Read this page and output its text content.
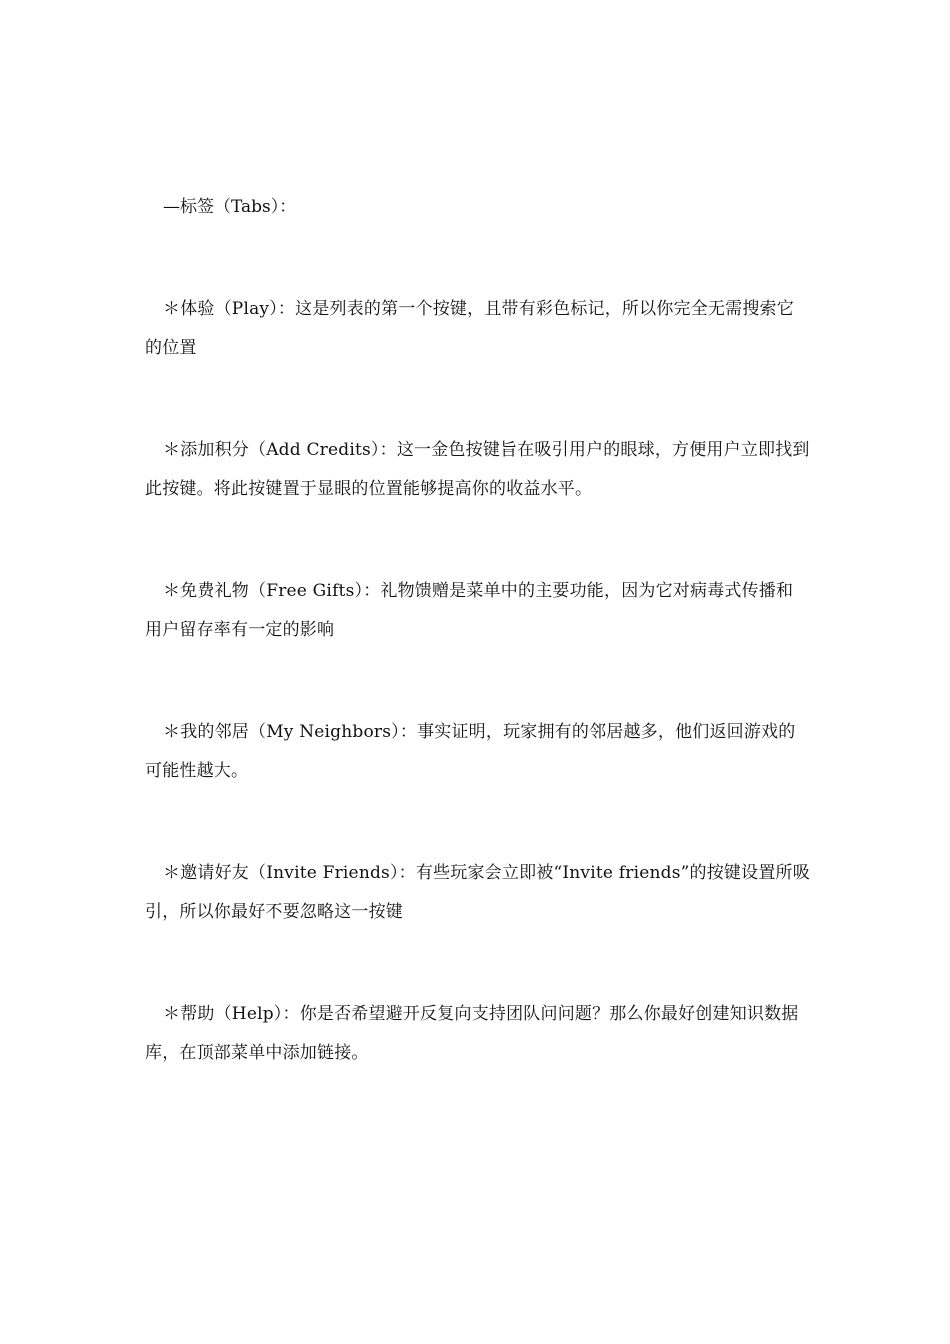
—标签（Tabs）：
＊体验（Play）：这是列表的第一个按键，且带有彩色标记，所以你完全无需搜索它的位置
＊添加积分（Add Credits）：这一金色按键旨在吸引用户的眼球，方便用户立即找到此按键。将此按键置于显眼的位置能够提高你的收益水平。
＊免费礼物（Free Gifts）：礼物馈赠是菜单中的主要功能，因为它对病毒式传播和用户留存率有一定的影响
＊我的邻居（My Neighbors）：事实证明，玩家拥有的邻居越多，他们返回游戏的可能性越大。
＊邀请好友（Invite Friends）：有些玩家会立即被“Invite friends”的按键设置所吸引，所以你最好不要忽略这一按键
＊帮助（Help）：你是否希望避开反复向支持团队问问题？那么你最好创建知识数据库，在顶部菜单中添加链接。
